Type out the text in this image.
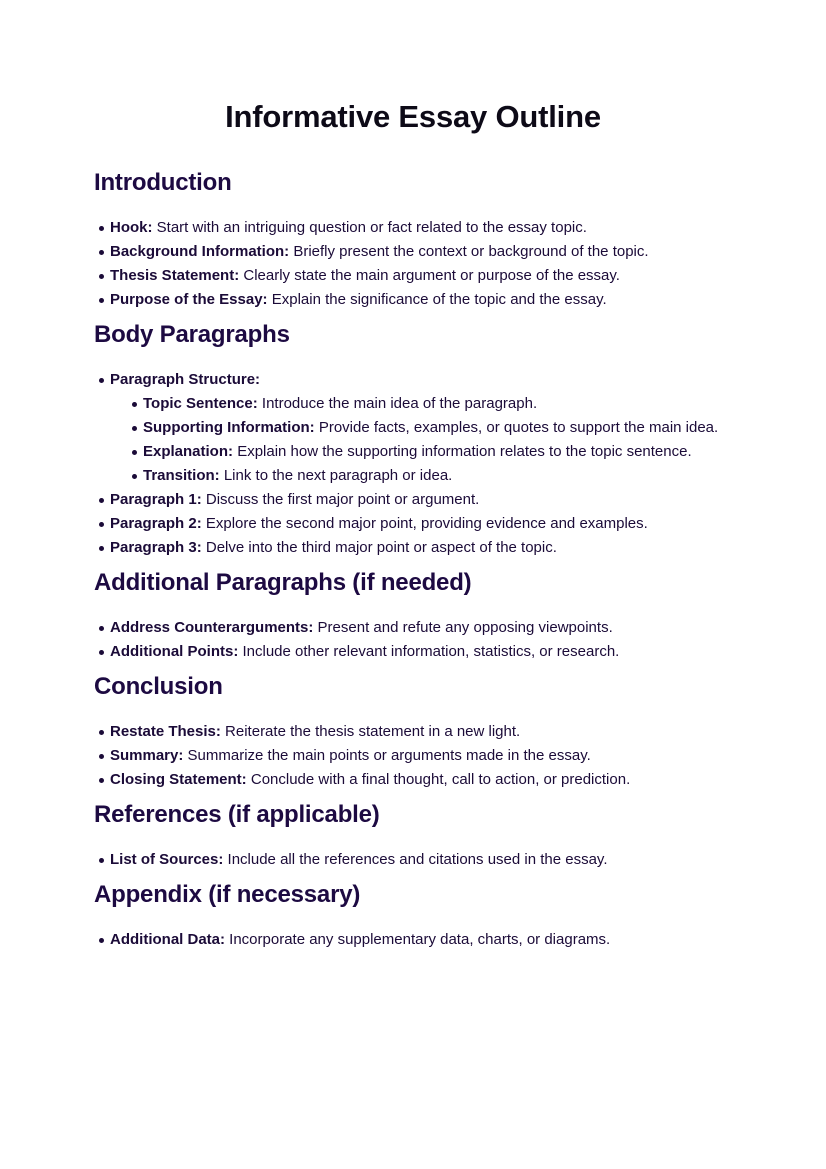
Informative Essay Outline
Introduction
Hook: Start with an intriguing question or fact related to the essay topic.
Background Information: Briefly present the context or background of the topic.
Thesis Statement: Clearly state the main argument or purpose of the essay.
Purpose of the Essay: Explain the significance of the topic and the essay.
Body Paragraphs
Paragraph Structure:
Topic Sentence: Introduce the main idea of the paragraph.
Supporting Information: Provide facts, examples, or quotes to support the main idea.
Explanation: Explain how the supporting information relates to the topic sentence.
Transition: Link to the next paragraph or idea.
Paragraph 1: Discuss the first major point or argument.
Paragraph 2: Explore the second major point, providing evidence and examples.
Paragraph 3: Delve into the third major point or aspect of the topic.
Additional Paragraphs (if needed)
Address Counterarguments: Present and refute any opposing viewpoints.
Additional Points: Include other relevant information, statistics, or research.
Conclusion
Restate Thesis: Reiterate the thesis statement in a new light.
Summary: Summarize the main points or arguments made in the essay.
Closing Statement: Conclude with a final thought, call to action, or prediction.
References (if applicable)
List of Sources: Include all the references and citations used in the essay.
Appendix (if necessary)
Additional Data: Incorporate any supplementary data, charts, or diagrams.
